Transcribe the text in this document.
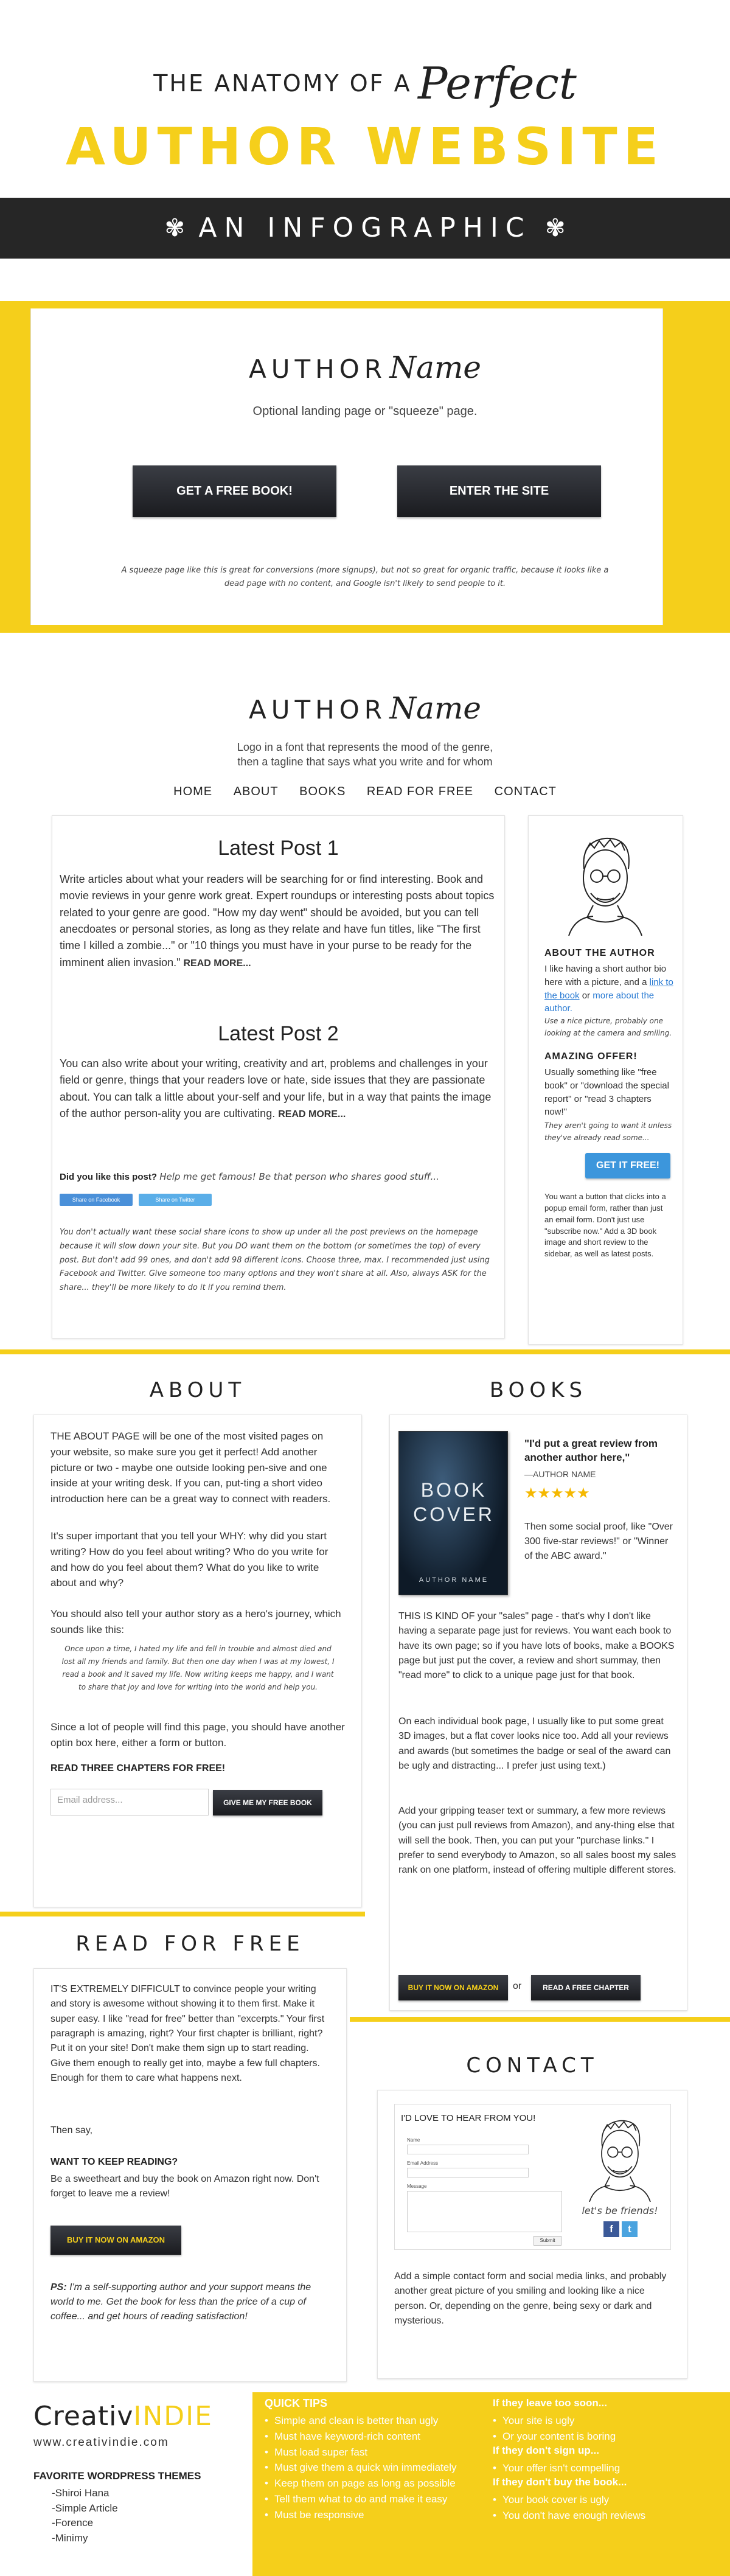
THE ANATOMY OF A Perfect
AUTHOR WEBSITE
✾ AN INFOGRAPHIC ✾
AUTHOR Name
Optional landing page or "squeeze" page.
GET A FREE BOOK!	ENTER THE SITE
A squeeze page like this is great for conversions (more signups), but not so great for organic traffic, because it looks like a dead page with no content, and Google isn't likely to send people to it.
AUTHOR Name
Logo in a font that represents the mood of the genre,
then a tagline that says what you write and for whom
HOME ABOUT BOOKS READ FOR FREE CONTACT
Latest Post 1
Write articles about what your readers will be searching for or find interesting. Book and movie reviews in your genre work great. Expert roundups or interesting posts about topics related to your genre are good. "How my day went" should be avoided, but you can tell anecdoates or personal stories, as long as they relate and have fun titles, like "The first time I killed a zombie..." or "10 things you must have in your purse to be ready for the imminent alien invasion." READ MORE...
Latest Post 2
You can also write about your writing, creativity and art, problems and challenges in your field or genre, things that your readers love or hate, side issues that they are passionate about. You can talk a little about your-self and your life, but in a way that paints the image of the author person-ality you are cultivating. READ MORE...
Did you like this post? Help me get famous! Be that person who shares good stuff...
Share on Facebook	Share on Twitter
You don't actually want these social share icons to show up under all the post previews on the homepage because it will slow down your site. But you DO want them on the bottom (or sometimes the top) of every post. But don't add 99 ones, and don't add 98 different icons. Choose three, max. I recommended just using Facebook and Twitter. Give someone too many options and they won't share at all. Also, always ASK for the share... they'll be more likely to do it if you remind them.
ABOUT THE AUTHOR
I like having a short author bio here with a picture, and a link to the book or more about the author.
Use a nice picture, probably one looking at the camera and smiling.
AMAZING OFFER!
Usually something like "free book" or "download the special report" or "read 3 chapters now!"
They aren't going to want it unless they've already read some...
GET IT FREE!
You want a button that clicks into a popup email form, rather than just an email form. Don't just use "subscribe now." Add a 3D book image and short review to the sidebar, as well as latest posts.
ABOUT
THE ABOUT PAGE will be one of the most visited pages on your website, so make sure you get it perfect! Add another picture or two - maybe one outside looking pen-sive and one inside at your writing desk. If you can, put-ting a short video introduction here can be a great way to connect with readers.
It's super important that you tell your WHY: why did you start writing? How do you feel about writing? Who do you write for and how do you feel about them? What do you like to write about and why?
You should also tell your author story as a hero's journey, which sounds like this:
Once upon a time, I hated my life and fell in trouble and almost died and lost all my friends and family. But then one day when I was at my lowest, I read a book and it saved my life. Now writing keeps me happy, and I want to share that joy and love for writing into the world and help you.
Since a lot of people will find this page, you should have another optin box here, either a form or button.
READ THREE CHAPTERS FOR FREE!
Email address...	GIVE ME MY FREE BOOK
BOOKS
BOOK
COVER
AUTHOR NAME
"I'd put a great review from another author here,"
—AUTHOR NAME
★★★★★
Then some social proof, like "Over 300 five-star reviews!" or "Winner of the ABC award."
THIS IS KIND OF your "sales" page - that's why I don't like having a separate page just for reviews. You want each book to have its own page; so if you have lots of books, make a BOOKS page but just put the cover, a review and short summay, then "read more" to click to a unique page just for that book.
On each individual book page, I usually like to put some great 3D images, but a flat cover looks nice too. Add all your reviews and awards (but sometimes the badge or seal of the award can be ugly and distracting... I prefer just using text.)
Add your gripping teaser text or summary, a few more reviews (you can just pull reviews from Amazon), and any-thing else that will sell the book. Then, you can put your "purchase links." I prefer to send everybody to Amazon, so all sales boost my sales rank on one platform, instead of offering multiple different stores.
BUY IT NOW ON AMAZON	or	READ A FREE CHAPTER
READ FOR FREE
IT'S EXTREMELY DIFFICULT to convince people your writing and story is awesome without showing it to them first. Make it super easy. I like "read for free" better than "excerpts." Your first paragraph is amazing, right? Your first chapter is brilliant, right? Put it on your site! Don't make them sign up to start reading. Give them enough to really get into, maybe a few full chapters. Enough for them to care what happens next.
Then say,
WANT TO KEEP READING?
Be a sweetheart and buy the book on Amazon right now. Don't forget to leave me a review!
BUY IT NOW ON AMAZON
PS: I'm a self-supporting author and your support means the world to me. Get the book for less than the price of a cup of coffee... and get hours of reading satisfaction!
CONTACT
I'D LOVE TO HEAR FROM YOU!
Name
Email Address
Message
Submit
let's be friends!
f	t
Add a simple contact form and social media links, and probably another great picture of you smiling and looking like a nice person. Or, depending on the genre, being sexy or dark and mysterious.
CreativINDIE
www.creativindie.com
FAVORITE WORDPRESS THEMES
-Shiroi Hana
-Simple Article
-Forence
-Minimy
QUICK TIPS
• Simple and clean is better than ugly
• Must have keyword-rich content
• Must load super fast
• Must give them a quick win immediately
• Keep them on page as long as possible
• Tell them what to do and make it easy
• Must be responsive
If they leave too soon...
• Your site is ugly
• Or your content is boring
If they don't sign up...
• Your offer isn't compelling
If they don't buy the book...
• Your book cover is ugly
• You don't have enough reviews
